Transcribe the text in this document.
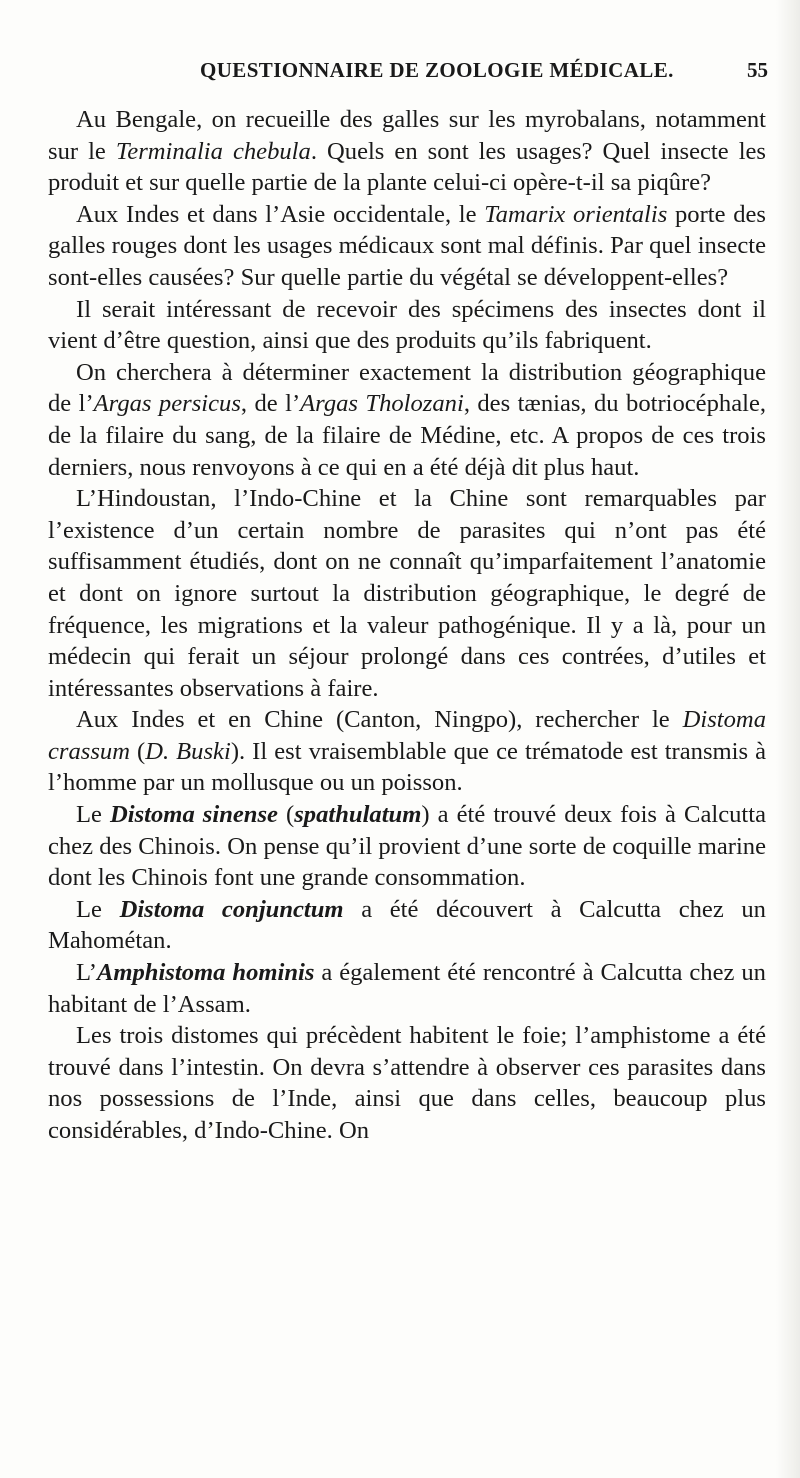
QUESTIONNAIRE DE ZOOLOGIE MÉDICALE.	55

Au Bengale, on recueille des galles sur les myrobalans, notamment sur le Terminalia chebula. Quels en sont les usages? Quel insecte les produit et sur quelle partie de la plante celui-ci opère-t-il sa piqûre?

Aux Indes et dans l’Asie occidentale, le Tamarix orientalis porte des galles rouges dont les usages médicaux sont mal définis. Par quel insecte sont-elles causées? Sur quelle partie du végétal se développent-elles?

Il serait intéressant de recevoir des spécimens des insectes dont il vient d’être question, ainsi que des produits qu’ils fabriquent.

On cherchera à déterminer exactement la distribution géographique de l’Argas persicus, de l’Argas Tholozani, des tænias, du botriocéphale, de la filaire du sang, de la filaire de Médine, etc. A propos de ces trois derniers, nous renvoyons à ce qui en a été déjà dit plus haut.

L’Hindoustan, l’Indo-Chine et la Chine sont remarquables par l’existence d’un certain nombre de parasites qui n’ont pas été suffisamment étudiés, dont on ne connaît qu’imparfaitement l’anatomie et dont on ignore surtout la distribution géographique, le degré de fréquence, les migrations et la valeur pathogénique. Il y a là, pour un médecin qui ferait un séjour prolongé dans ces contrées, d’utiles et intéressantes observations à faire.

Aux Indes et en Chine (Canton, Ningpo), rechercher le Distoma crassum (D. Buski). Il est vraisemblable que ce trématode est transmis à l’homme par un mollusque ou un poisson.

Le Distoma sinense (spathulatum) a été trouvé deux fois à Calcutta chez des Chinois. On pense qu’il provient d’une sorte de coquille marine dont les Chinois font une grande consommation.

Le Distoma conjunctum a été découvert à Calcutta chez un Mahométan.

L’Amphistoma hominis a également été rencontré à Calcutta chez un habitant de l’Assam.

Les trois distomes qui précèdent habitent le foie; l’amphistome a été trouvé dans l’intestin. On devra s’attendre à observer ces parasites dans nos possessions de l’Inde, ainsi que dans celles, beaucoup plus considérables, d’Indo-Chine. On
